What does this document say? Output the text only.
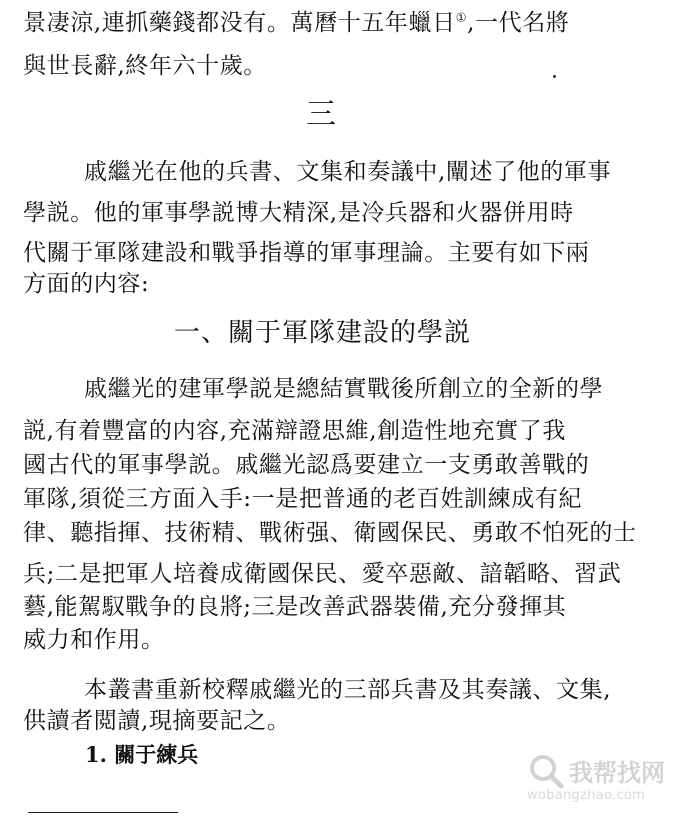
景凄涼,連抓藥錢都没有。萬曆十五年蠟日①,一代名將
與世長辭,終年六十歲。
三
戚繼光在他的兵書、文集和奏議中,闡述了他的軍事
學説。他的軍事學説博大精深,是冷兵器和火器併用時
代關于軍隊建設和戰爭指導的軍事理論。主要有如下兩
方面的内容:
一、關于軍隊建設的學説
戚繼光的建軍學説是總結實戰後所創立的全新的學
説,有着豐富的内容,充滿辯證思維,創造性地充實了我
國古代的軍事學説。戚繼光認爲要建立一支勇敢善戰的
軍隊,須從三方面入手:一是把普通的老百姓訓練成有紀
律、聽指揮、技術精、戰術强、衛國保民、勇敢不怕死的士
兵;二是把軍人培養成衛國保民、愛卒惡敵、諳韜略、習武
藝,能駕馭戰争的良將;三是改善武器裝備,充分發揮其
威力和作用。
本叢書重新校釋戚繼光的三部兵書及其奏議、文集,
供讀者閲讀,現摘要記之。
1. 關于練兵
我帮找网
wobangzhao.com
